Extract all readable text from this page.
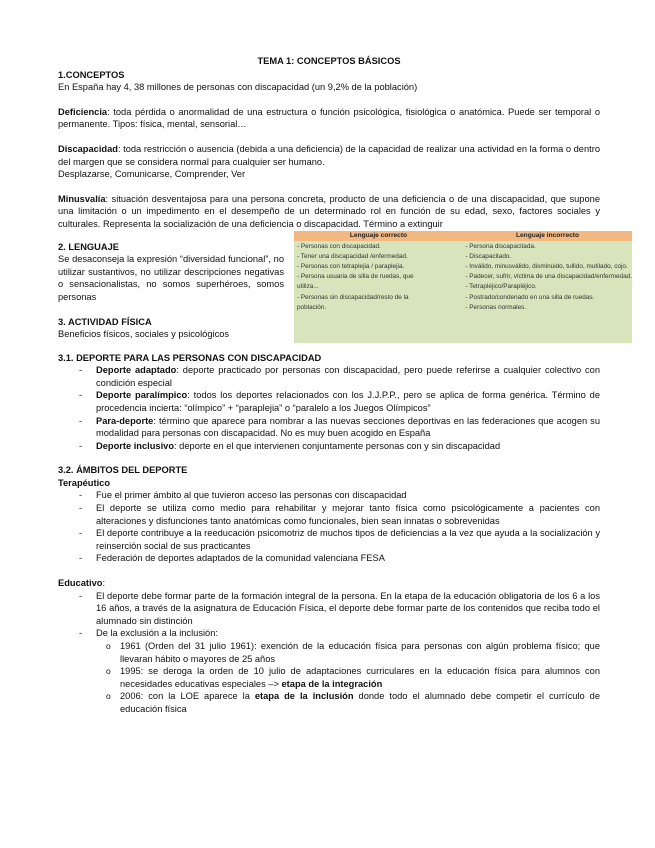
TEMA 1: CONCEPTOS BÁSICOS

1.CONCEPTOS

En España hay 4, 38 millones de personas con discapacidad (un 9,2% de la población)

Deficiencia: toda pérdida o anormalidad de una estructura o función psicológica, fisiológica o anatómica. Puede ser temporal o permanente. Tipos: física, mental, sensorial…

Discapacidad: toda restricción o ausencia (debida a una deficiencia) de la capacidad de realizar una actividad en la forma o dentro del margen que se considera normal para cualquier ser humano.

Desplazarse, Comunicarse, Comprender, Ver

Minusvalía: situación desventajosa para una persona concreta, producto de una deficiencia o de una discapacidad, que supone una limitación o un impedimento en el desempeño de un determinado rol en función de su edad, sexo, factores sociales y culturales. Representa la socialización de una deficiencia o discapacidad. Término a extinguir

2. LENGUAJE

Se desaconseja la expresión “diversidad funcional”, no utilizar sustantivos, no utilizar descripciones negativas o sensacionalistas, no somos superhéroes, somos personas

3. ACTIVIDAD FÍSICA

Beneficios físicos, sociales y psicológicos

Lenguaje correcto	Lenguaje incorrecto
- Personas con discapacidad.
- Tener una discapacidad /enfermedad.
- Personas con tetraplejia / paraplejia.
- Persona usuaria de silla de ruedas, que
utiliza...
- Personas sin discapacidad/resto de la
población.
- Persona discapacitada.
- Discapacitado.
- Inválido, minusválido, disminuido, tullido, mutilado, cojo.
- Padecer, sufrir, víctima de una discapacidad/enfermedad.
- Tetrapléjico/Parapléjico.
- Postrado/condenado en una silla de ruedas.
- Personas normales.

3.1. DEPORTE PARA LAS PERSONAS CON DISCAPACIDAD

- Deporte adaptado: deporte practicado por personas con discapacidad, pero puede referirse a cualquier colectivo con condición especial
- Deporte paralímpico: todos los deportes relacionados con los J.J.P.P., pero se aplica de forma genérica. Término de procedencia incierta: “olímpico” + “paraplejia” o “paralelo a los Juegos Olímpicos”
- Para-deporte: término que aparece para nombrar a las nuevas secciones deportivas en las federaciones que acogen su modalidad para personas con discapacidad. No es muy buen acogido en España
- Deporte inclusivo: deporte en el que intervienen conjuntamente personas con y sin discapacidad

3.2. ÁMBITOS DEL DEPORTE

Terapéutico

- Fue el primer ámbito al que tuvieron acceso las personas con discapacidad
- El deporte se utiliza como medio para rehabilitar y mejorar tanto física como psicológicamente a pacientes con alteraciones y disfunciones tanto anatómicas como funcionales, bien sean innatas o sobrevenidas
- El deporte contribuye a la reeducación psicomotriz de muchos tipos de deficiencias a la vez que ayuda a la socialización y reinserción social de sus practicantes
- Federación de deportes adaptados de la comunidad valenciana FESA

Educativo:

- El deporte debe formar parte de la formación integral de la persona. En la etapa de la educación obligatoria de los 6 a los 16 años, a través de la asignatura de Educación Física, el deporte debe formar parte de los contenidos que reciba todo el alumnado sin distinción
- De la exclusión a la inclusión:
o 1961 (Orden del 31 julio 1961): exención de la educación física para personas con algún problema físico; que llevaran hábito o mayores de 25 años
o 1995: se deroga la orden de 10 julio de adaptaciones curriculares en la educación física para alumnos con necesidades educativas especiales –> etapa de la integración
o 2006: con la LOE aparece la etapa de la inclusión donde todo el alumnado debe competir el currículo de educación física
